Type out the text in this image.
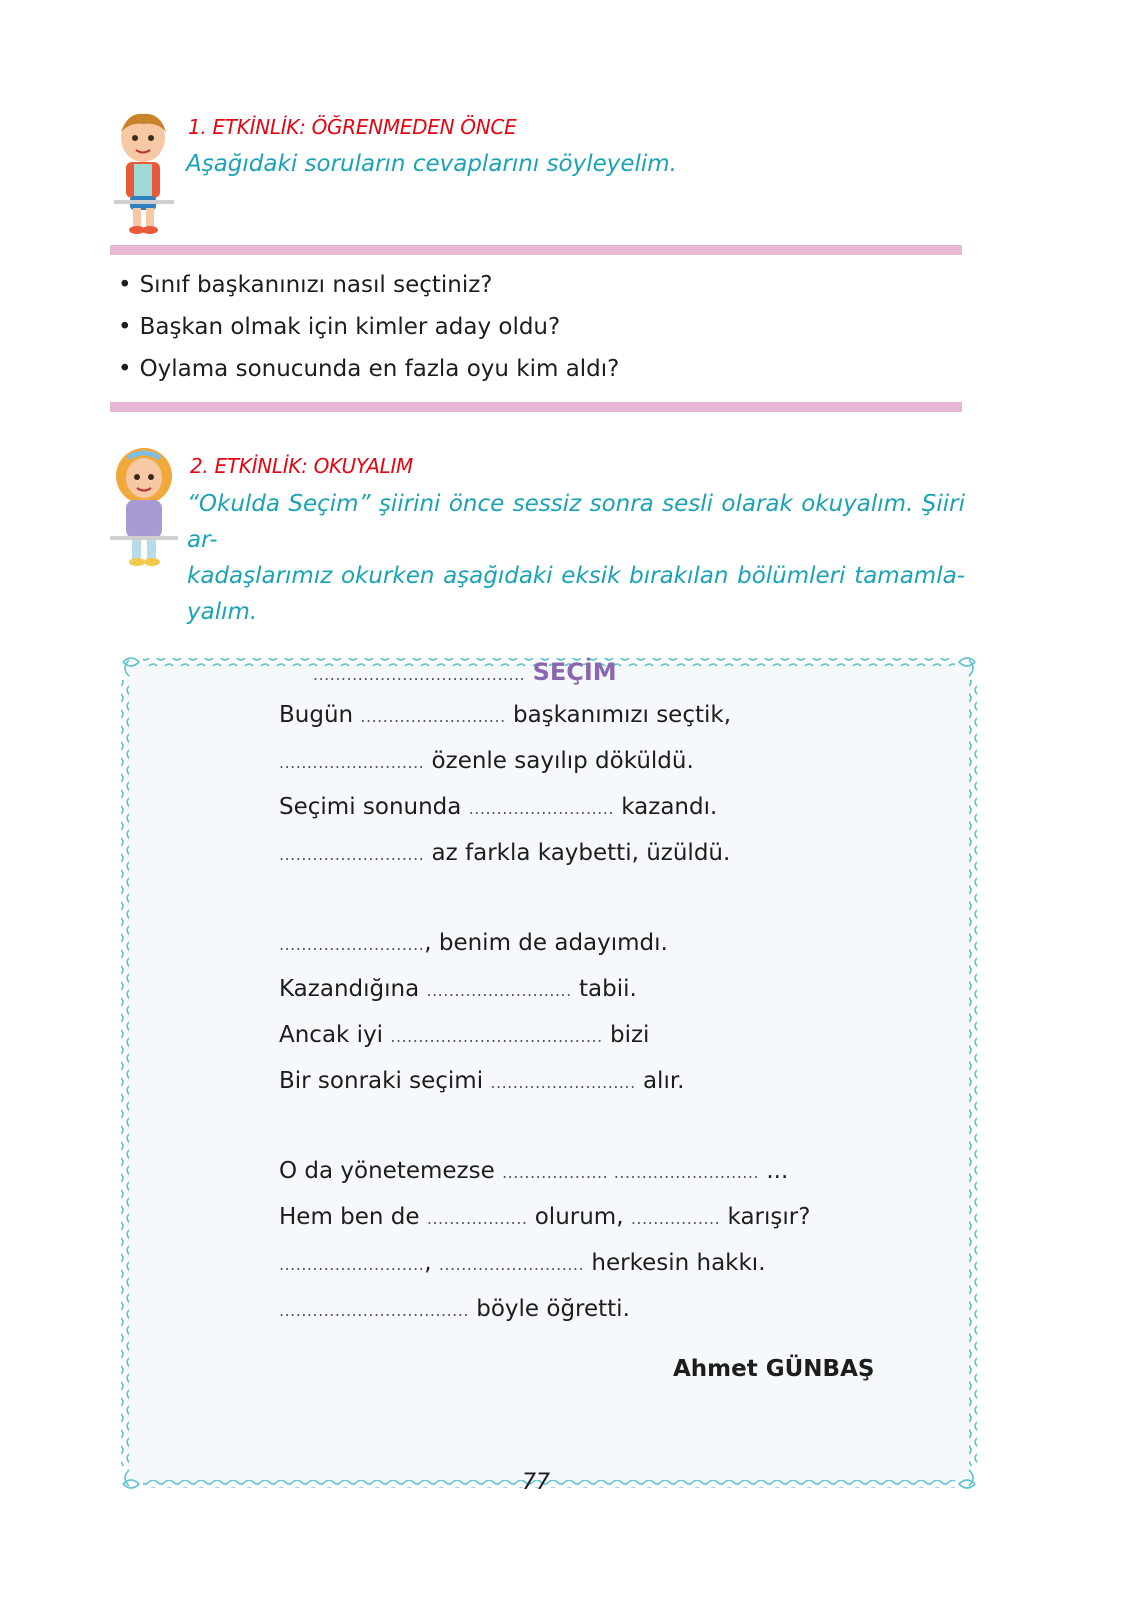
1. ETKİNLİK: ÖĞRENMEDEN ÖNCE
Aşağıdaki soruların cevaplarını söyleyelim.
• Sınıf başkanınızı nasıl seçtiniz?
• Başkan olmak için kimler aday oldu?
• Oylama sonucunda en fazla oyu kim aldı?
2. ETKİNLİK: OKUYALIM
“Okulda Seçim” şiirini önce sessiz sonra sesli olarak okuyalım. Şiiri ar-
kadaşlarımız okurken aşağıdaki eksik bırakılan bölümleri tamamla-
yalım.
...................................... SEÇİM
Bugün .......................... başkanımızı seçtik,
.......................... özenle sayılıp döküldü.
Seçimi sonunda .......................... kazandı.
.......................... az farkla kaybetti, üzüldü.
.........................., benim de adayımdı.
Kazandığına .......................... tabii.
Ancak iyi ...................................... bizi
Bir sonraki seçimi .......................... alır.
O da yönetemezse ................... .......................... ...
Hem ben de .................. olurum, ................ karışır?
.........................., .......................... herkesin hakkı.
.................................. böyle öğretti.
Ahmet GÜNBAŞ
77
